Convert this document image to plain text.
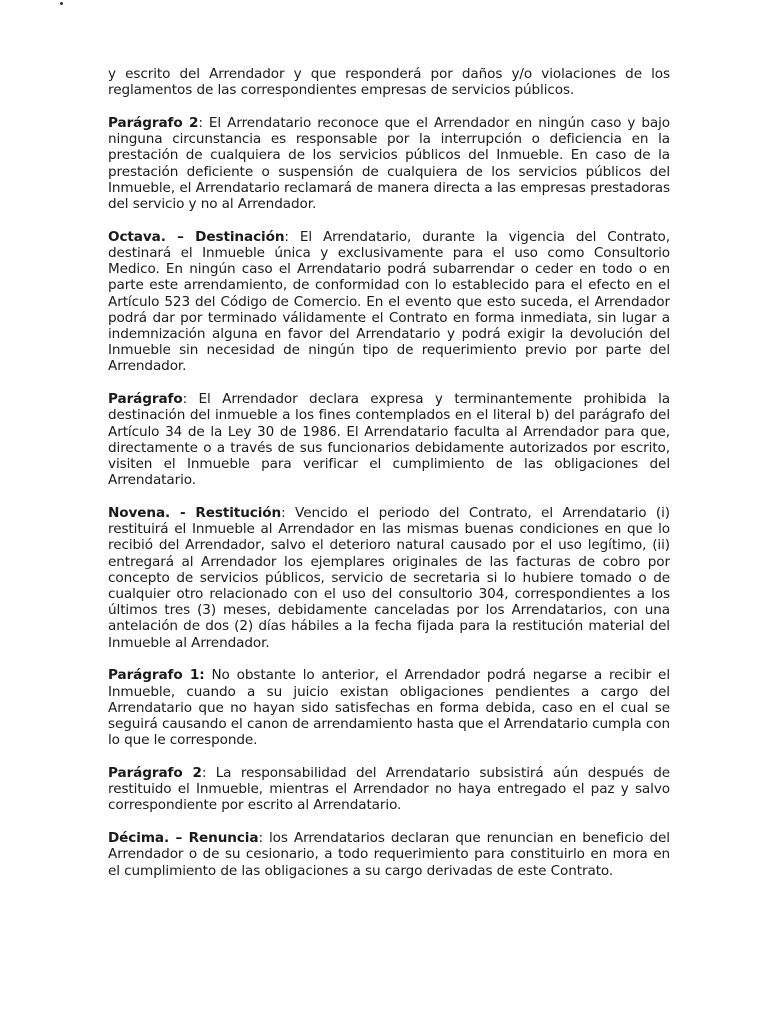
y escrito del Arrendador y que responderá por daños y/o violaciones de los reglamentos de las correspondientes empresas de servicios públicos.

Parágrafo 2: El Arrendatario reconoce que el Arrendador en ningún caso y bajo ninguna circunstancia es responsable por la interrupción o deficiencia en la prestación de cualquiera de los servicios públicos del Inmueble. En caso de la prestación deficiente o suspensión de cualquiera de los servicios públicos del Inmueble, el Arrendatario reclamará de manera directa a las empresas prestadoras del servicio y no al Arrendador.

Octava. – Destinación: El Arrendatario, durante la vigencia del Contrato, destinará el Inmueble única y exclusivamente para el uso como Consultorio Medico. En ningún caso el Arrendatario podrá subarrendar o ceder en todo o en parte este arrendamiento, de conformidad con lo establecido para el efecto en el Artículo 523 del Código de Comercio. En el evento que esto suceda, el Arrendador podrá dar por terminado válidamente el Contrato en forma inmediata, sin lugar a indemnización alguna en favor del Arrendatario y podrá exigir la devolución del Inmueble sin necesidad de ningún tipo de requerimiento previo por parte del Arrendador.

Parágrafo: El Arrendador declara expresa y terminantemente prohibida la destinación del inmueble a los fines contemplados en el literal b) del parágrafo del Artículo 34 de la Ley 30 de 1986. El Arrendatario faculta al Arrendador para que, directamente o a través de sus funcionarios debidamente autorizados por escrito, visiten el Inmueble para verificar el cumplimiento de las obligaciones del Arrendatario.

Novena. - Restitución: Vencido el periodo del Contrato, el Arrendatario (i) restituirá el Inmueble al Arrendador en las mismas buenas condiciones en que lo recibió del Arrendador, salvo el deterioro natural causado por el uso legítimo, (ii) entregará al Arrendador los ejemplares originales de las facturas de cobro por concepto de servicios públicos, servicio de secretaria si lo hubiere tomado o de cualquier otro relacionado con el uso del consultorio 304, correspondientes a los últimos tres (3) meses, debidamente canceladas por los Arrendatarios, con una antelación de dos (2) días hábiles a la fecha fijada para la restitución material del Inmueble al Arrendador.

Parágrafo 1: No obstante lo anterior, el Arrendador podrá negarse a recibir el Inmueble, cuando a su juicio existan obligaciones pendientes a cargo del Arrendatario que no hayan sido satisfechas en forma debida, caso en el cual se seguirá causando el canon de arrendamiento hasta que el Arrendatario cumpla con lo que le corresponde.

Parágrafo 2: La responsabilidad del Arrendatario subsistirá aún después de restituido el Inmueble, mientras el Arrendador no haya entregado el paz y salvo correspondiente por escrito al Arrendatario.

Décima. – Renuncia: los Arrendatarios declaran que renuncian en beneficio del Arrendador o de su cesionario, a todo requerimiento para constituirlo en mora en el cumplimiento de las obligaciones a su cargo derivadas de este Contrato.
